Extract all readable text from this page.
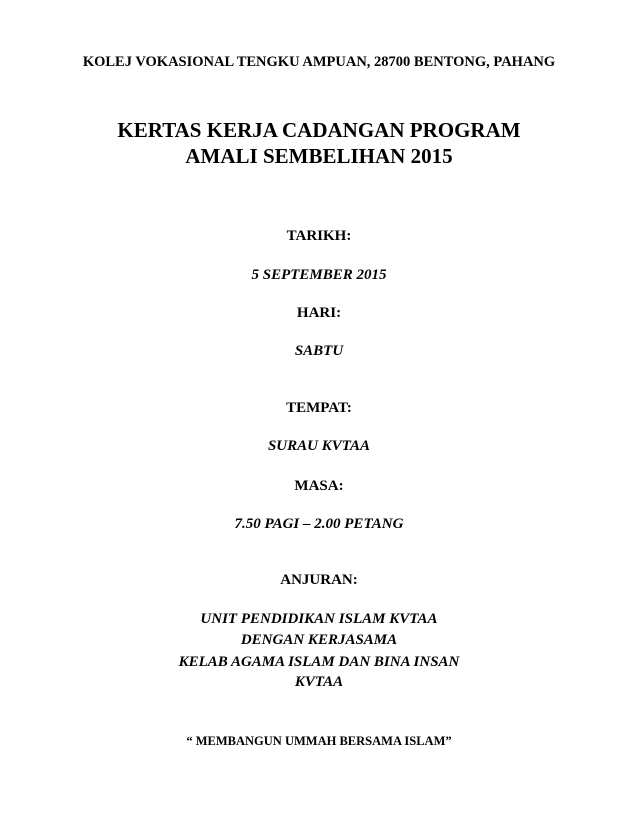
KOLEJ VOKASIONAL TENGKU AMPUAN, 28700 BENTONG, PAHANG
KERTAS KERJA CADANGAN PROGRAM
AMALI SEMBELIHAN 2015
TARIKH:
5 SEPTEMBER 2015
HARI:
SABTU
TEMPAT:
SURAU KVTAA
MASA:
7.50 PAGI – 2.00 PETANG
ANJURAN:
UNIT PENDIDIKAN ISLAM KVTAA
DENGAN KERJASAMA
KELAB AGAMA ISLAM DAN BINA INSAN
KVTAA
“ MEMBANGUN UMMAH BERSAMA ISLAM”
